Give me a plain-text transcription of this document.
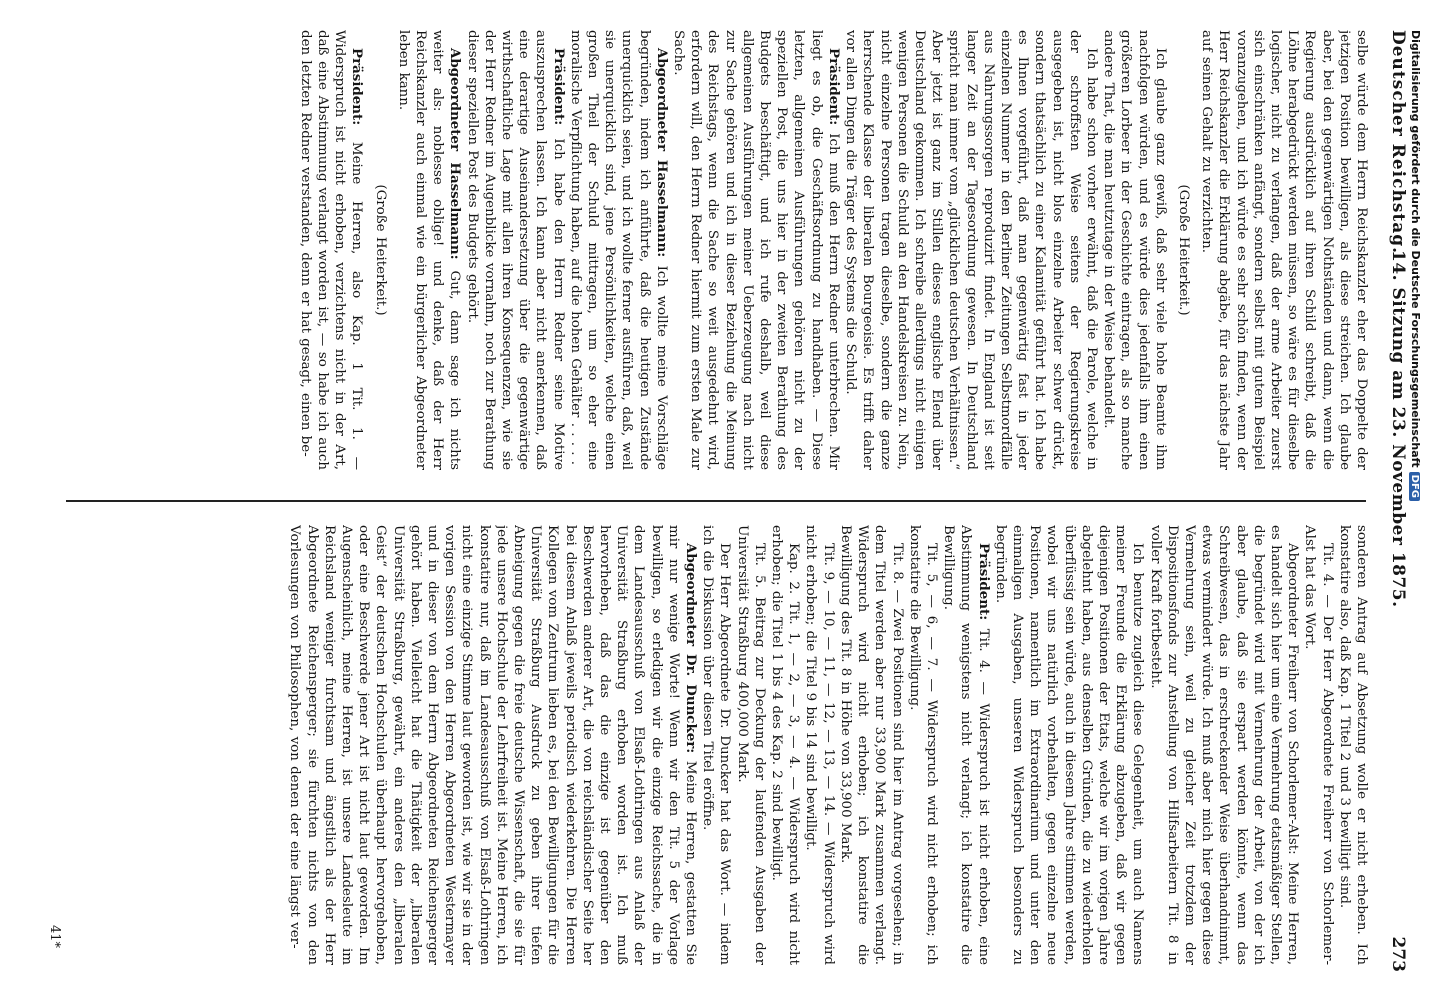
Deutscher Reichstag.
14. Sitzung am 23. November 1875.
273

selbe würde dem Herrn Reichskanzler eher das Doppelte der jetzigen Position bewilligen, als diese streichen. Ich glaube aber, bei den gegenwärtigen Nothständen und dann, wenn die Regierung ausdrücklich auf ihren Schild schreibt, daß die Löhne herabgedrückt werden müssen, so wäre es für dieselbe logischer, nicht zu verlangen, daß der arme Arbeiter zuerst sich einschränken anfängt, sondern selbst mit gutem Beispiel voranzugehen, und ich würde es sehr schön finden, wenn der Herr Reichskanzler die Erklärung abgäbe, für das nächste Jahr auf seinen Gehalt zu verzichten.

(Große Heiterkeit.)

Ich glaube ganz gewiß, daß sehr viele hohe Beamte ihm nachfolgen würden, und es würde dies jedenfalls ihm einen größeren Lorbeer in der Geschichte eintragen, als so manche andere That, die man heutzutage in der Weise behandelt.

Ich habe schon vorher erwähnt, daß die Parole, welche in der schroffsten Weise seitens der Regierungskreise ausgegeben ist, nicht blos einzelne Arbeiter schwer drückt, sondern thatsächlich zu einer Kalamität geführt hat. Ich habe es Ihnen vorgeführt, daß man gegenwärtig fast in jeder einzelnen Nummer in den Berliner Zeitungen Selbstmordfälle aus Nahrungssorgen reproduzirt findet. In England ist seit langer Zeit an der Tagesordnung gewesen. In Deutschland spricht man immer vom „glücklichen deutschen Verhältnissen.“ Aber jetzt ist ganz im Stillen dieses englische Elend über Deutschland gekommen. Ich schreibe allerdings nicht einigen wenigen Personen die Schuld an den Handelskreisen zu. Nein, nicht einzelne Personen tragen dieselbe, sondern die ganze herrschende Klasse der liberalen Bourgeoisie. Es trifft daher vor allen Dingen die Träger des Systems die Schuld.

Präsident: Ich muß den Herrn Redner unterbrechen. Mir liegt es ob, die Geschäftsordnung zu handhaben. — Diese letzten, allgemeinen Ausführungen gehören nicht zu der speziellen Post, die uns hier in der zweiten Berathung des Budgets beschäftigt, und ich rufe deshalb, weil diese allgemeinen Ausführungen meiner Ueberzeugung nach nicht zur Sache gehören und ich in dieser Beziehung die Meinung des Reichstags, wenn die Sache so weit ausgedehnt wird, erfordern will, den Herrn Redner hiermit zum ersten Male zur Sache.

Abgeordneter Hasselmann: Ich wollte meine Vorschläge begründen, indem ich anführte, daß die heutigen Zustände unerquicklich seien, und ich wollte ferner ausführen, daß, weil sie unerquicklich sind, jene Persönlichkeiten, welche einen großen Theil der Schuld mittragen, um so eher eine moralische Verpflichtung haben, auf die hohen Gehälter . . . . .

Präsident: Ich habe den Herrn Redner seine Motive auszusprechen lassen. Ich kann aber nicht anerkennen, daß eine derartige Auseinandersetzung über die gegenwärtige wirthschaftliche Lage mit allen ihren Konsequenzen, wie sie der Herr Redner im Augenblicke vornahm, noch zur Berathung dieser speziellen Post des Budgets gehört.

Abgeordneter Hasselmann: Gut, dann sage ich nichts weiter als: noblesse oblige! und denke, daß der Herr Reichskanzler auch einmal wie ein bürgerlicher Abgeordneter leben kann.

(Große Heiterkeit.)

Präsident: Meine Herren, also Kap. 1 Tit. 1. — Widerspruch ist nicht erhoben, verzichtens nicht in der Art, daß eine Abstimmung verlangt worden ist, — so habe ich auch den letzten Redner verstanden, denn er hat gesagt, einen be-

sonderen Antrag auf Absetzung wolle er nicht erheben. Ich konstatire also, daß Kap. 1 Titel 2 und 3 bewilligt sind.

Tit. 4. — Der Herr Abgeordnete Freiherr von Schorlemer-Alst hat das Wort.

Abgeordneter Freiherr von Schorlemer-Alst: Meine Herren, es handelt sich hier um eine Vermehrung etatsmäßiger Stellen, die begründet wird mit Vermehrung der Arbeit, von der ich aber glaube, daß sie erspart werden könnte, wenn das Schreibwesen, das in erschreckender Weise überhandnimmt, etwas vermindert würde. Ich muß aber mich hier gegen diese Vermehrung sein, weil zu gleicher Zeit trotzdem der Dispositionsfonds zur Anstellung von Hilfsarbeitern Tit. 8 in voller Kraft fortbesteht.

Ich benutze zugleich diese Gelegenheit, um auch Namens meiner Freunde die Erklärung abzugeben, daß wir gegen diejenigen Positionen der Etats, welche wir im vorigen Jahre abgelehnt haben, aus denselben Gründen, die zu wiederholen überflüssig sein würde, auch in diesem Jahre stimmen werden, wobei wir uns natürlich vorbehalten, gegen einzelne neue Positionen, namentlich im Extraordinarium und unter den einmaligen Ausgaben, unseren Widerspruch besonders zu begründen.

Präsident: Tit. 4. — Widerspruch ist nicht erhoben, eine Abstimmung wenigstens nicht verlangt; ich konstatire die Bewilligung.

Tit. 5, — 6, — 7. — Widerspruch wird nicht erhoben; ich konstatire die Bewilligung.

Tit. 8. — Zwei Positionen sind hier im Antrag vorgesehen; in dem Titel werden aber nur 33,900 Mark zusammen verlangt. Widerspruch wird nicht erhoben; ich konstatire die Bewilligung des Tit. 8 in Höhe von 33,900 Mark.

Tit. 9, — 10, — 11, — 12, — 13, — 14. — Widerspruch wird nicht erhoben; die Titel 9 bis 14 sind bewilligt.

Kap. 2. Tit. 1, — 2, — 3, — 4. — Widerspruch wird nicht erhoben; die Titel 1 bis 4 des Kap. 2 sind bewilligt.

Tit. 5. Beitrag zur Deckung der laufenden Ausgaben der Universität Straßburg 400,000 Mark.

Der Herr Abgeordnete Dr. Duncker hat das Wort. — indem ich die Diskussion über diesen Titel eröffne.

Abgeordneter Dr. Duncker: Meine Herren, gestatten Sie mir nur wenige Worte! Wenn wir den Tit. 5 der Vorlage bewilligen, so erledigen wir die einzige Reichssache, die in dem Landesausschuß von Elsaß-Lothringen aus Anlaß der Universität Straßburg erhoben worden ist. Ich muß hervorheben, daß das die einzige ist gegenüber den Beschwerden anderer Art, die von reichsländischer Seite her bei diesem Anlaß jeweils periodisch wiederkehren. Die Herren Kollegen vom Zentrum lieben es, bei den Bewilligungen für die Universität Straßburg Ausdruck zu geben ihrer tiefen Abneigung gegen die freie deutsche Wissenschaft, die sie für jede unsere Hochschule der Lehrfreiheit ist. Meine Herren, ich konstatire nur, daß im Landesausschuß von Elsaß-Lothringen nicht eine einzige Stimme laut geworden ist, wie wir sie in der vorigen Session von den Herren Abgeordneten Westermayer und in dieser von dem Herrn Abgeordneten Reichensperger gehört haben. Vielleicht hat die Thätigkeit der „liberalen Universität Straßburg, gewährt, ein anderes den „liberalen Geist“ der deutschen Hochschulen überhaupt hervorgehoben, oder eine Beschwerde jener Art ist nicht laut geworden. Im Augenscheinlich, meine Herren, ist unsere Landesleute im Reichsland weniger furchtsam und ängstlich als der Herr Abgeordnete Reichensperger; sie fürchten nichts von den Vorlesungen von Philosophen, von denen der eine längst ver-

41*
Digitalisierung gefördert durch die Deutsche ForschungsgemeinschaftDFG
